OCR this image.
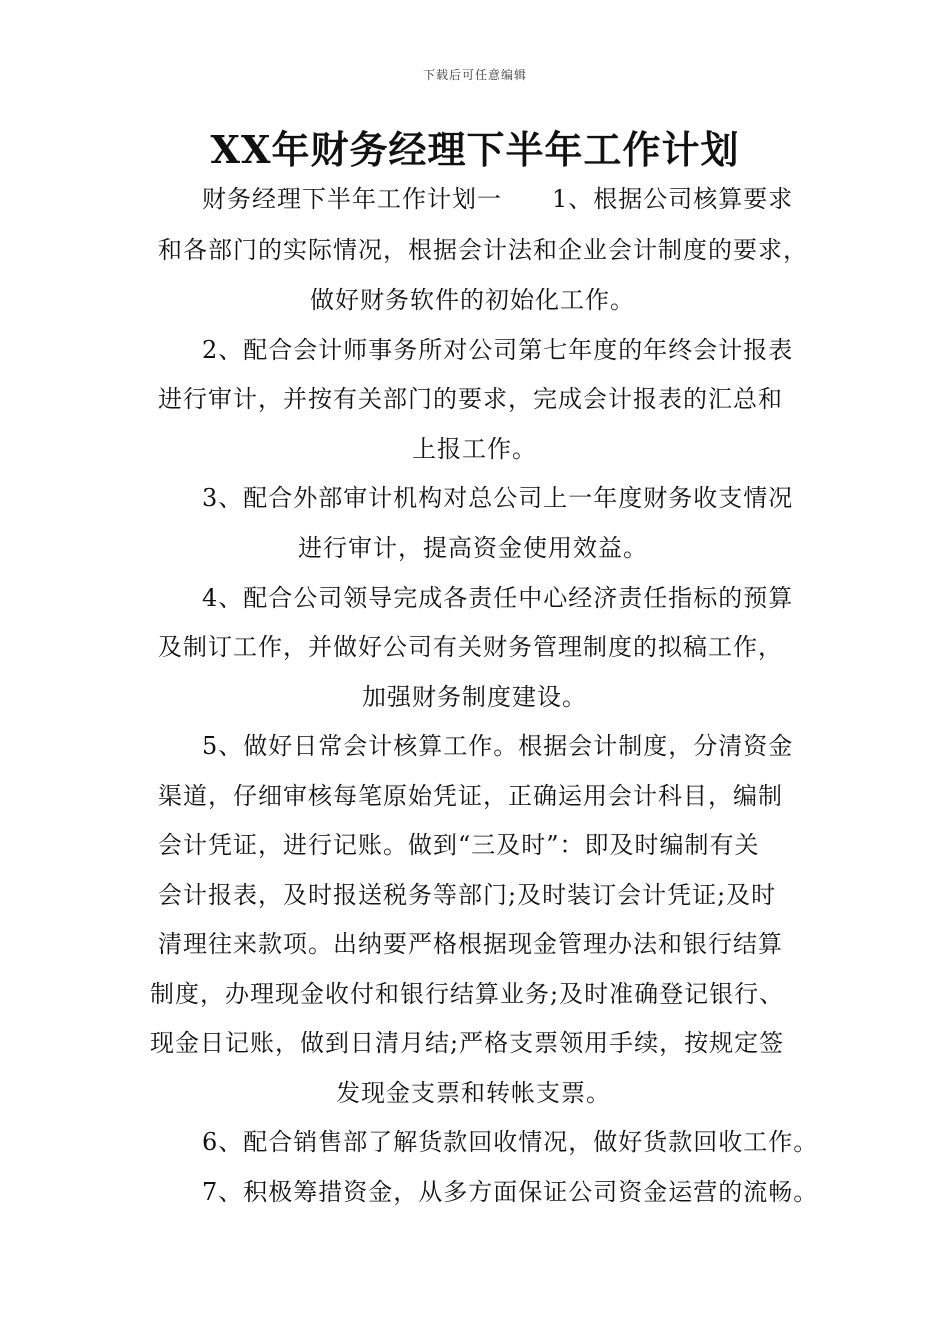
下载后可任意编辑
XX年财务经理下半年工作计划
财务经理下半年工作计划一　　1、根据公司核算要求
和各部门的实际情况，根据会计法和企业会计制度的要求，
做好财务软件的初始化工作。
2、配合会计师事务所对公司第七年度的年终会计报表
进行审计，并按有关部门的要求，完成会计报表的汇总和
上报工作。
3、配合外部审计机构对总公司上一年度财务收支情况
进行审计，提高资金使用效益。
4、配合公司领导完成各责任中心经济责任指标的预算
及制订工作，并做好公司有关财务管理制度的拟稿工作，
加强财务制度建设。
5、做好日常会计核算工作。根据会计制度，分清资金
渠道，仔细审核每笔原始凭证，正确运用会计科目，编制
会计凭证，进行记账。做到“三及时”：即及时编制有关
会计报表，及时报送税务等部门;及时装订会计凭证;及时
清理往来款项。出纳要严格根据现金管理办法和银行结算
制度，办理现金收付和银行结算业务;及时准确登记银行、
现金日记账，做到日清月结;严格支票领用手续，按规定签
发现金支票和转帐支票。
6、配合销售部了解货款回收情况，做好货款回收工作。
7、积极筹措资金，从多方面保证公司资金运营的流畅。
